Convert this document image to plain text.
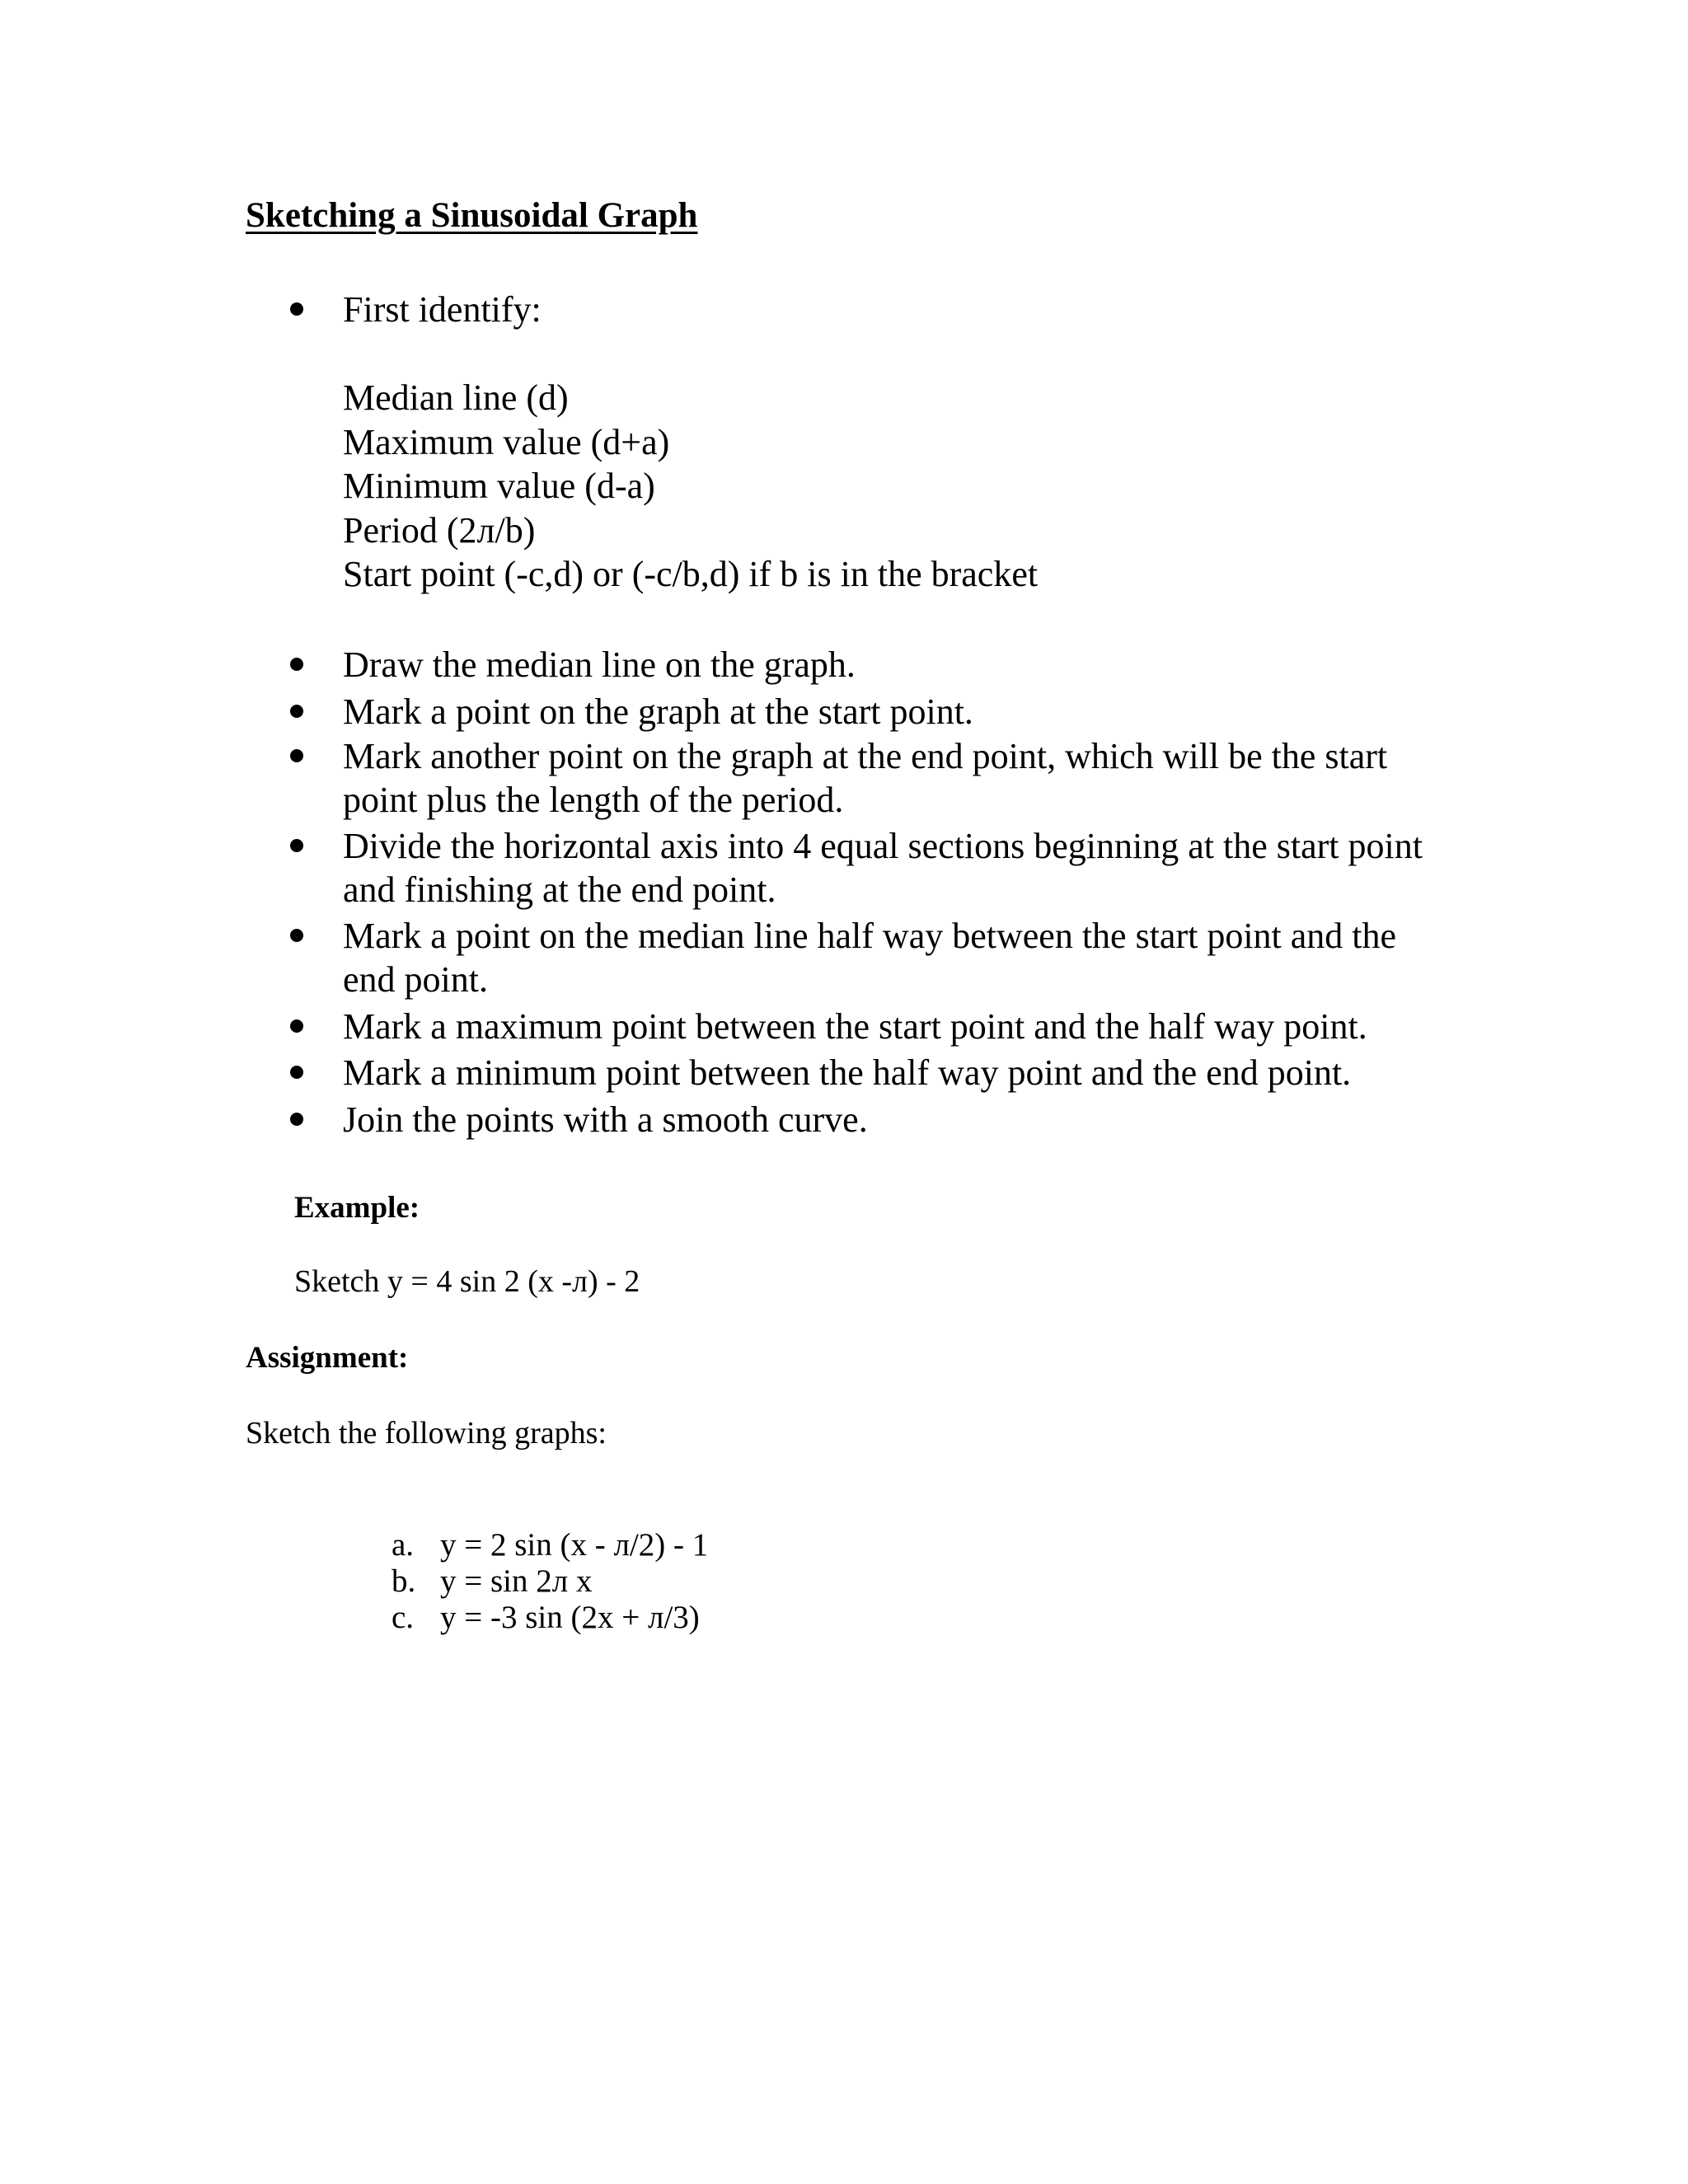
Sketching a Sinusoidal Graph
First identify:
Median line (d)
Maximum value (d+a)
Minimum value (d-a)
Period (2л/b)
Start point (-c,d) or (-c/b,d) if b is in the bracket
Draw the median line on the graph.
Mark a point on the graph at the start point.
Mark another point on the graph at the end point, which will be the start point plus the length of the period.
Divide the horizontal axis into 4 equal sections beginning at the start point and finishing at the end point.
Mark a point on the median line half way between the start point and the end point.
Mark a maximum point between the start point and the half way point.
Mark a minimum point between the half way point and the end point.
Join the points with a smooth curve.
Example:
Sketch y = 4 sin 2 (x -л) - 2
Assignment:
Sketch the following graphs:
a. y = 2 sin (x - л/2) - 1
b. y = sin 2л x
c. y = -3 sin (2x + л/3)
